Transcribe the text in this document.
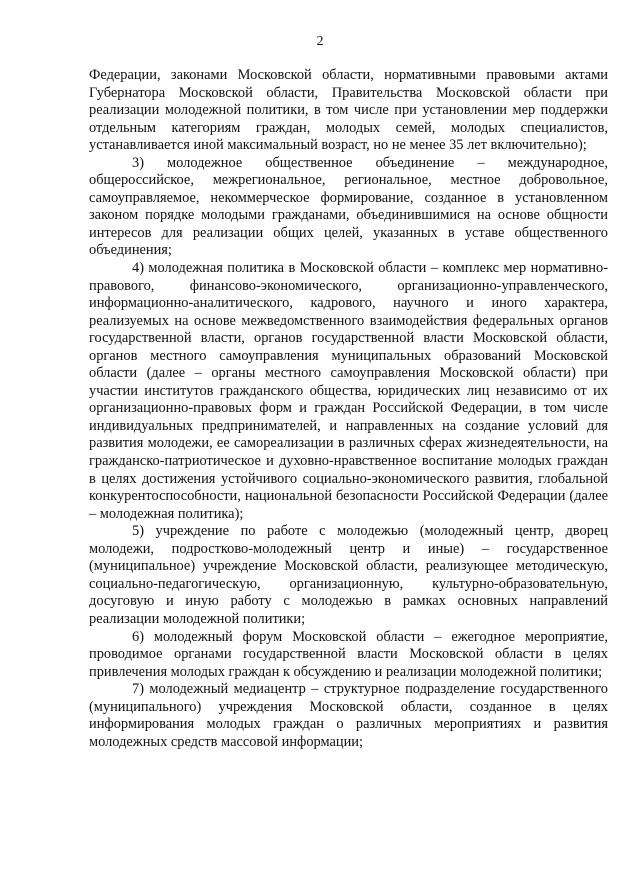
2

Федерации, законами Московской области, нормативными правовыми актами Губернатора Московской области, Правительства Московской области при реализации молодежной политики, в том числе при установлении мер поддержки отдельным категориям граждан, молодых семей, молодых специалистов, устанавливается иной максимальный возраст, но не менее 35 лет включительно);

3) молодежное общественное объединение – международное, общероссийское, межрегиональное, региональное, местное добровольное, самоуправляемое, некоммерческое формирование, созданное в установленном законом порядке молодыми гражданами, объединившимися на основе общности интересов для реализации общих целей, указанных в уставе общественного объединения;

4) молодежная политика в Московской области – комплекс мер нормативно-правового, финансово-экономического, организационно-управленческого, информационно-аналитического, кадрового, научного и иного характера, реализуемых на основе межведомственного взаимодействия федеральных органов государственной власти, органов государственной власти Московской области, органов местного самоуправления муниципальных образований Московской области (далее – органы местного самоуправления Московской области) при участии институтов гражданского общества, юридических лиц независимо от их организационно-правовых форм и граждан Российской Федерации, в том числе индивидуальных предпринимателей, и направленных на создание условий для развития молодежи, ее самореализации в различных сферах жизнедеятельности, на гражданско-патриотическое и духовно-нравственное воспитание молодых граждан в целях достижения устойчивого социально-экономического развития, глобальной конкурентоспособности, национальной безопасности Российской Федерации (далее – молодежная политика);

5) учреждение по работе с молодежью (молодежный центр, дворец молодежи, подростково-молодежный центр и иные) – государственное (муниципальное) учреждение Московской области, реализующее методическую, социально-педагогическую, организационную, культурно-образовательную, досуговую и иную работу с молодежью в рамках основных направлений реализации молодежной политики;

6) молодежный форум Московской области – ежегодное мероприятие, проводимое органами государственной власти Московской области в целях привлечения молодых граждан к обсуждению и реализации молодежной политики;

7) молодежный медиацентр – структурное подразделение государственного (муниципального) учреждения Московской области, созданное в целях информирования молодых граждан о различных мероприятиях и развития молодежных средств массовой информации;
